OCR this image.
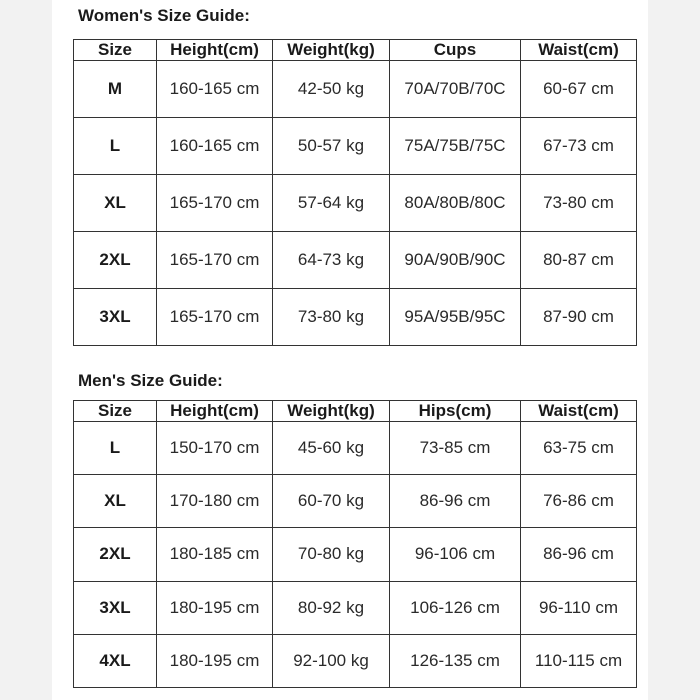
Women's Size Guide:
Size	Height(cm)	Weight(kg)	Cups	Waist(cm)
M	160-165 cm	42-50 kg	70A/70B/70C	60-67 cm
L	160-165 cm	50-57 kg	75A/75B/75C	67-73 cm
XL	165-170 cm	57-64 kg	80A/80B/80C	73-80 cm
2XL	165-170 cm	64-73 kg	90A/90B/90C	80-87 cm
3XL	165-170 cm	73-80 kg	95A/95B/95C	87-90 cm
Men's Size Guide:
Size	Height(cm)	Weight(kg)	Hips(cm)	Waist(cm)
L	150-170 cm	45-60 kg	73-85 cm	63-75 cm
XL	170-180 cm	60-70 kg	86-96 cm	76-86 cm
2XL	180-185 cm	70-80 kg	96-106 cm	86-96 cm
3XL	180-195 cm	80-92 kg	106-126 cm	96-110 cm
4XL	180-195 cm	92-100 kg	126-135 cm	110-115 cm
